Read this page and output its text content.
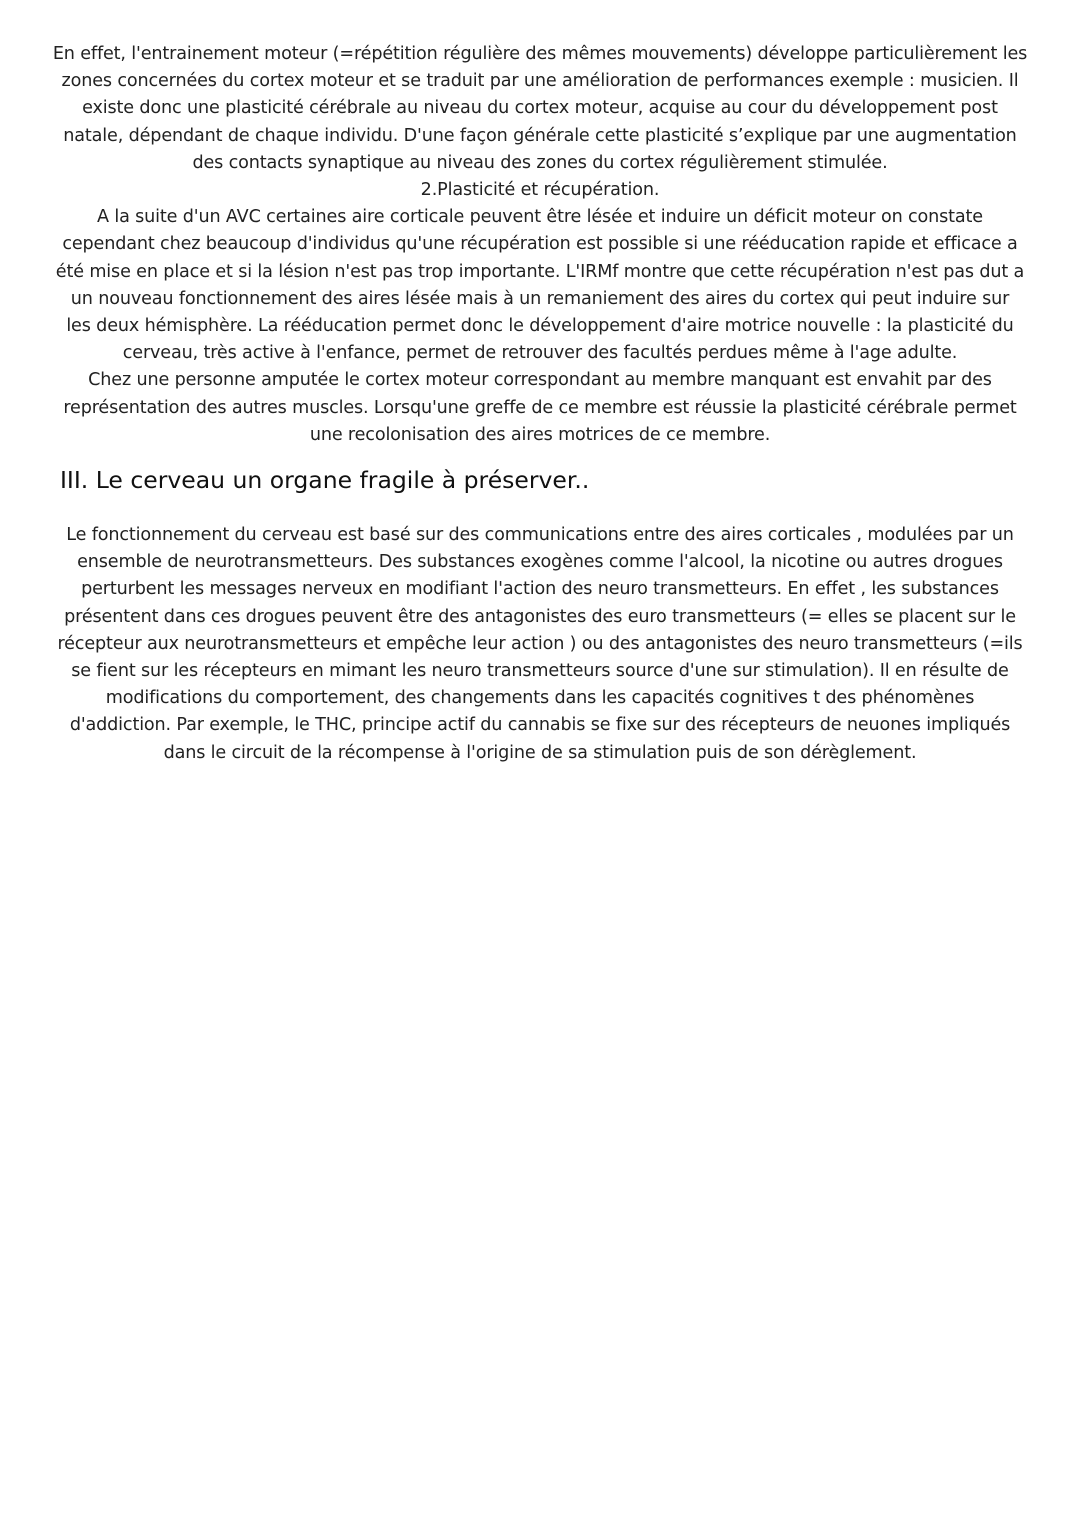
En effet, l'entrainement moteur (=répétition régulière des mêmes mouvements) développe particulièrement les
zones concernées du cortex moteur et se traduit par une amélioration de performances exemple : musicien. Il
existe donc une plasticité cérébrale au niveau du cortex moteur, acquise au cour du développement post
natale, dépendant de chaque individu. D'une façon générale cette plasticité s’explique par une augmentation
des contacts synaptique au niveau des zones du cortex régulièrement stimulée.
2.Plasticité et récupération.
A la suite d'un AVC certaines aire corticale peuvent être lésée et induire un déficit moteur on constate
cependant chez beaucoup d'individus qu'une récupération est possible si une rééducation rapide et efficace a
été mise en place et si la lésion n'est pas trop importante. L'IRMf montre que cette récupération n'est pas dut a
un nouveau fonctionnement des aires lésée mais à un remaniement des aires du cortex qui peut induire sur
les deux hémisphère. La rééducation permet donc le développement d'aire motrice nouvelle : la plasticité du
cerveau, très active à l'enfance, permet de retrouver des facultés perdues même à l'age adulte.
Chez une personne amputée le cortex moteur correspondant au membre manquant est envahit par des
représentation des autres muscles. Lorsqu'une greffe de ce membre est réussie la plasticité cérébrale permet
une recolonisation des aires motrices de ce membre.
III. Le cerveau un organe fragile à préserver..
Le fonctionnement du cerveau est basé sur des communications entre des aires corticales , modulées par un
ensemble de neurotransmetteurs. Des substances exogènes comme l'alcool, la nicotine ou autres drogues
perturbent les messages nerveux en modifiant l'action des neuro transmetteurs. En effet , les substances
présentent dans ces drogues peuvent être des antagonistes des euro transmetteurs (= elles se placent sur le
récepteur aux neurotransmetteurs et empêche leur action ) ou des antagonistes des neuro transmetteurs (=ils
se fient sur les récepteurs en mimant les neuro transmetteurs source d'une sur stimulation). Il en résulte de
modifications du comportement, des changements dans les capacités cognitives t des phénomènes
d'addiction. Par exemple, le THC, principe actif du cannabis se fixe sur des récepteurs de neuones impliqués
dans le circuit de la récompense à l'origine de sa stimulation puis de son dérèglement.
